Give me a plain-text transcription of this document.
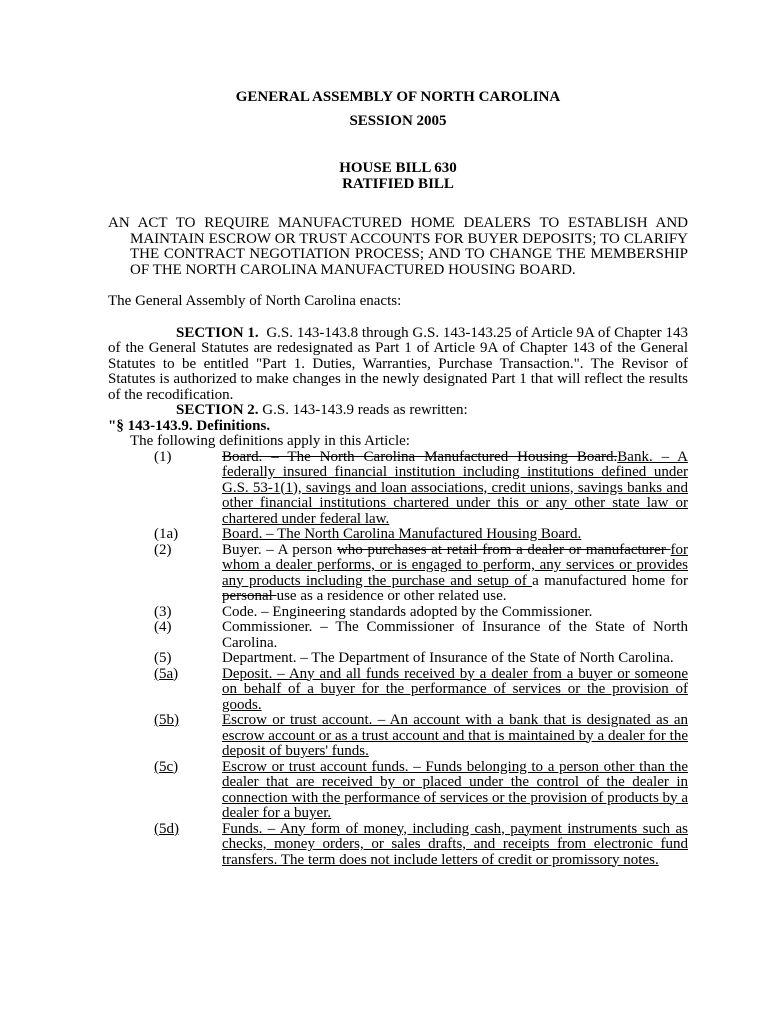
GENERAL ASSEMBLY OF NORTH CAROLINA
SESSION 2005
HOUSE BILL 630
RATIFIED BILL
AN ACT TO REQUIRE MANUFACTURED HOME DEALERS TO ESTABLISH AND MAINTAIN ESCROW OR TRUST ACCOUNTS FOR BUYER DEPOSITS; TO CLARIFY THE CONTRACT NEGOTIATION PROCESS; AND TO CHANGE THE MEMBERSHIP OF THE NORTH CAROLINA MANUFACTURED HOUSING BOARD.
The General Assembly of North Carolina enacts:
SECTION 1. G.S. 143-143.8 through G.S. 143-143.25 of Article 9A of Chapter 143 of the General Statutes are redesignated as Part 1 of Article 9A of Chapter 143 of the General Statutes to be entitled "Part 1. Duties, Warranties, Purchase Transaction.". The Revisor of Statutes is authorized to make changes in the newly designated Part 1 that will reflect the results of the recodification.
SECTION 2. G.S. 143-143.9 reads as rewritten:
"§ 143-143.9. Definitions.
The following definitions apply in this Article:
(1)	Board. – The North Carolina Manufactured Housing Board.Bank. – A federally insured financial institution including institutions defined under G.S. 53-1(1), savings and loan associations, credit unions, savings banks and other financial institutions chartered under this or any other state law or chartered under federal law.
(1a)	Board. – The North Carolina Manufactured Housing Board.
(2)	Buyer. – A person who purchases at retail from a dealer or manufacturer for whom a dealer performs, or is engaged to perform, any services or provides any products including the purchase and setup of a manufactured home for personal use as a residence or other related use.
(3)	Code. – Engineering standards adopted by the Commissioner.
(4)	Commissioner. – The Commissioner of Insurance of the State of North Carolina.
(5)	Department. – The Department of Insurance of the State of North Carolina.
(5a)	Deposit. – Any and all funds received by a dealer from a buyer or someone on behalf of a buyer for the performance of services or the provision of goods.
(5b)	Escrow or trust account. – An account with a bank that is designated as an escrow account or as a trust account and that is maintained by a dealer for the deposit of buyers' funds.
(5c)	Escrow or trust account funds. – Funds belonging to a person other than the dealer that are received by or placed under the control of the dealer in connection with the performance of services or the provision of products by a dealer for a buyer.
(5d)	Funds. – Any form of money, including cash, payment instruments such as checks, money orders, or sales drafts, and receipts from electronic fund transfers. The term does not include letters of credit or promissory notes.
